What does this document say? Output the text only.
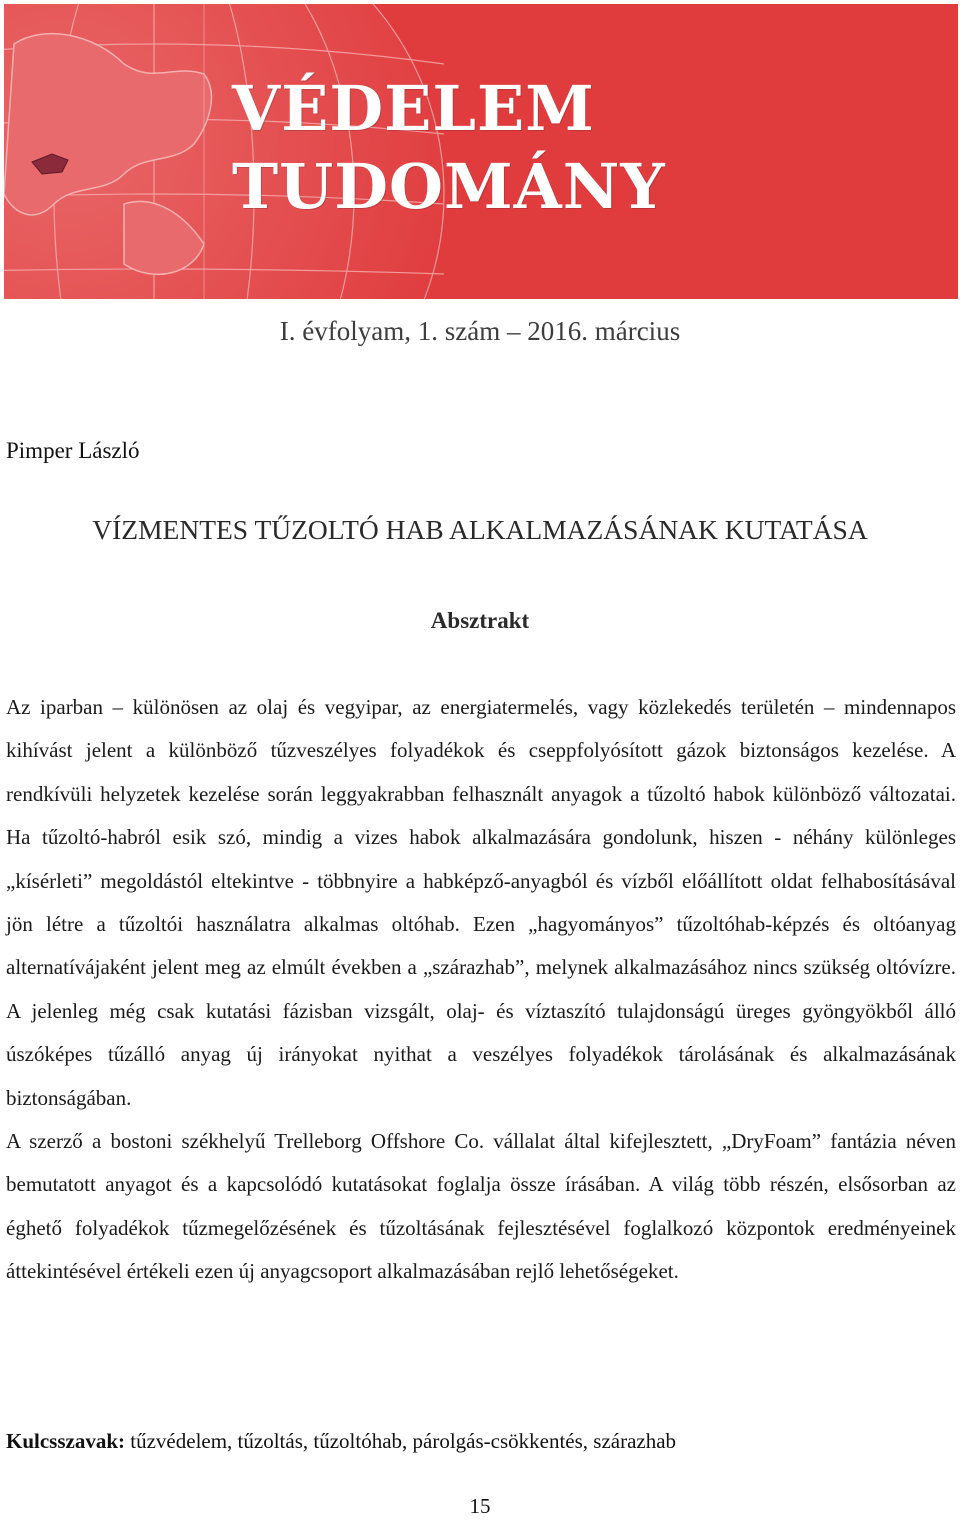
VÉDELEM
TUDOMÁNY
I. évfolyam, 1. szám – 2016. március
Pimper László
VÍZMENTES TŰZOLTÓ HAB ALKALMAZÁSÁNAK KUTATÁSA
Absztrakt

Az iparban – különösen az olaj és vegyipar, az energiatermelés, vagy közlekedés területén – mindennapos kihívást jelent a különböző tűzveszélyes folyadékok és cseppfolyósított gázok biztonságos kezelése. A rendkívüli helyzetek kezelése során leggyakrabban felhasznált anyagok a tűzoltó habok különböző változatai. Ha tűzoltó-habról esik szó, mindig a vizes habok alkalmazására gondolunk, hiszen - néhány különleges „kísérleti” megoldástól eltekintve - többnyire a habképző-anyagból és vízből előállított oldat felhabosításával jön létre a tűzoltói használatra alkalmas oltóhab. Ezen „hagyományos” tűzoltóhab-képzés és oltóanyag alternatívájaként jelent meg az elmúlt években a „szárazhab”, melynek alkalmazásához nincs szükség oltóvízre. A jelenleg még csak kutatási fázisban vizsgált, olaj- és víztaszító tulajdonságú üreges gyöngyökből álló úszóképes tűzálló anyag új irányokat nyithat a veszélyes folyadékok tárolásának és alkalmazásának biztonságában.

A szerző a bostoni székhelyű Trelleborg Offshore Co. vállalat által kifejlesztett, „DryFoam” fantázia néven bemutatott anyagot és a kapcsolódó kutatásokat foglalja össze írásában. A világ több részén, elsősorban az éghető folyadékok tűzmegelőzésének és tűzoltásának fejlesztésével foglalkozó központok eredményeinek áttekintésével értékeli ezen új anyagcsoport alkalmazásában rejlő lehetőségeket.

Kulcsszavak: tűzvédelem, tűzoltás, tűzoltóhab, párolgás-csökkentés, szárazhab
15
